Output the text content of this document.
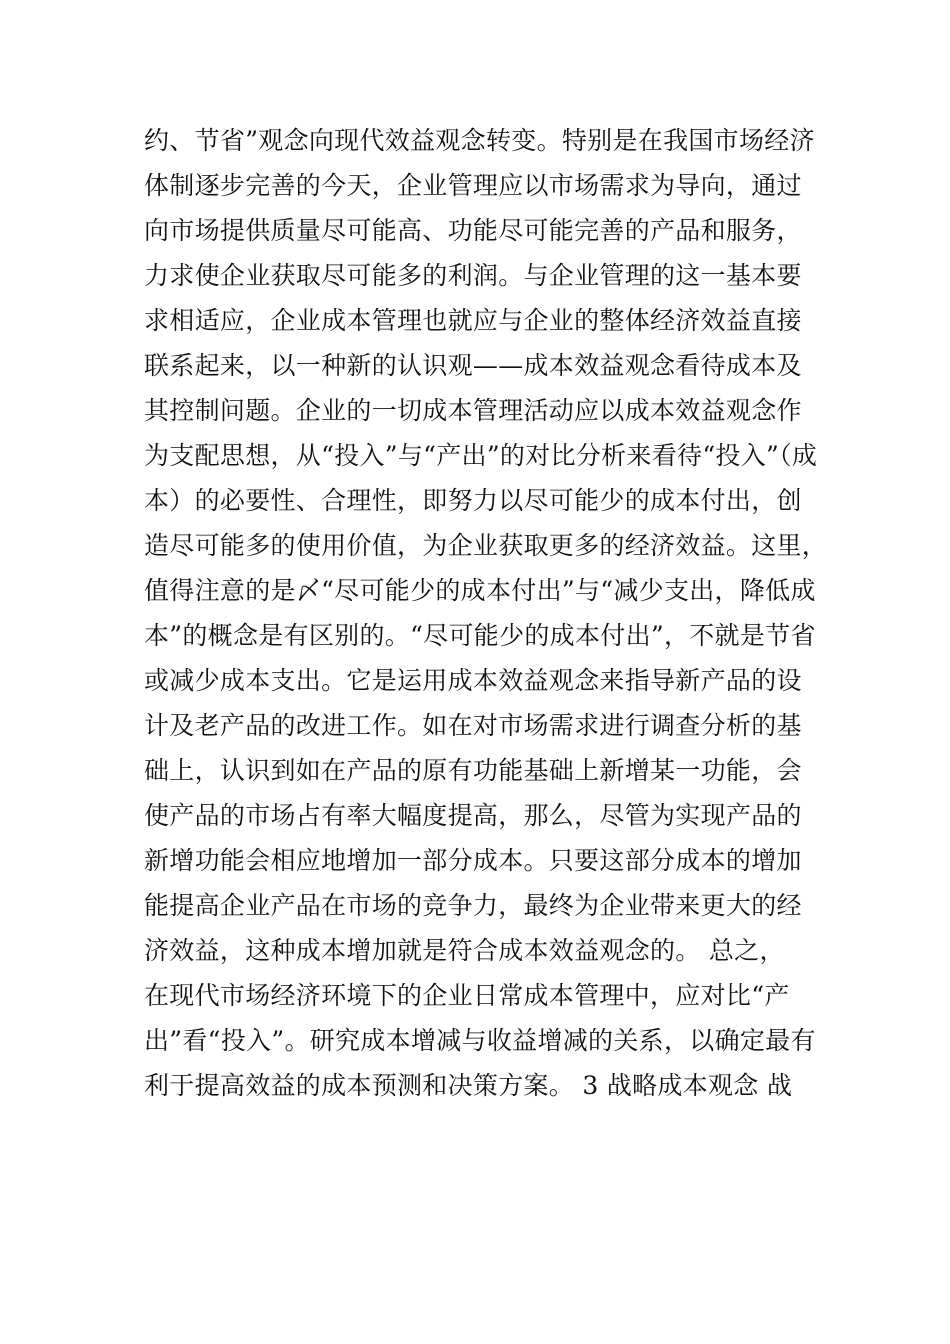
约、节省”观念向现代效益观念转变。特别是在我国市场经济
体制逐步完善的今天，企业管理应以市场需求为导向，通过
向市场提供质量尽可能高、功能尽可能完善的产品和服务，
力求使企业获取尽可能多的利润。与企业管理的这一基本要
求相适应，企业成本管理也就应与企业的整体经济效益直接
联系起来，以一种新的认识观——成本效益观念看待成本及
其控制问题。企业的一切成本管理活动应以成本效益观念作
为支配思想，从“投入”与“产出”的对比分析来看待“投入”（成
本）的必要性、合理性，即努力以尽可能少的成本付出，创
造尽可能多的使用价值，为企业获取更多的经济效益。这里，
值得注意的是〆“尽可能少的成本付出”与“减少支出，降低成
本”的概念是有区别的。“尽可能少的成本付出”，不就是节省
或减少成本支出。它是运用成本效益观念来指导新产品的设
计及老产品的改进工作。如在对市场需求进行调查分析的基
础上，认识到如在产品的原有功能基础上新增某一功能，会
使产品的市场占有率大幅度提高，那么，尽管为实现产品的
新增功能会相应地增加一部分成本。只要这部分成本的增加
能提高企业产品在市场的竞争力，最终为企业带来更大的经
济效益，这种成本增加就是符合成本效益观念的。 总之，
在现代市场经济环境下的企业日常成本管理中，应对比“产
出”看“投入”。研究成本增减与收益增减的关系，以确定最有
利于提高效益的成本预测和决策方案。 3 战略成本观念 战
